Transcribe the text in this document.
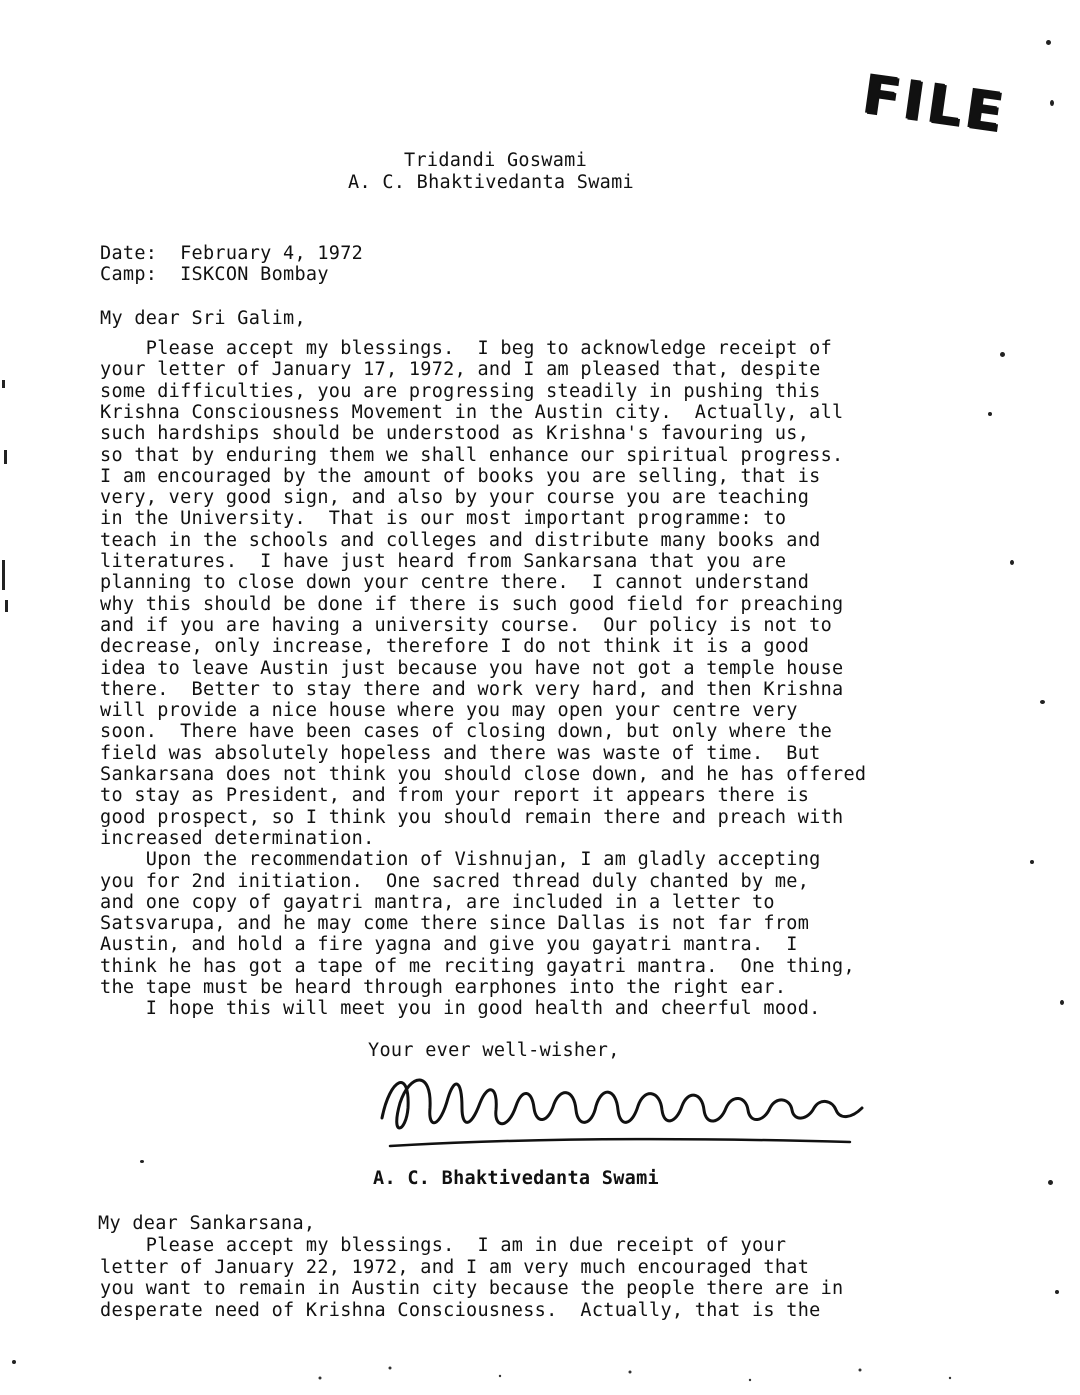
FILE
Tridandi Goswami
A. C. Bhaktivedanta Swami
Date:  February 4, 1972
Camp:  ISKCON Bombay
My dear Sri Galim,
Please accept my blessings.  I beg to acknowledge receipt of
your letter of January 17, 1972, and I am pleased that, despite
some difficulties, you are progressing steadily in pushing this
Krishna Consciousness Movement in the Austin city.  Actually, all
such hardships should be understood as Krishna's favouring us,
so that by enduring them we shall enhance our spiritual progress.
I am encouraged by the amount of books you are selling, that is
very, very good sign, and also by your course you are teaching
in the University.  That is our most important programme: to
teach in the schools and colleges and distribute many books and
literatures.  I have just heard from Sankarsana that you are
planning to close down your centre there.  I cannot understand
why this should be done if there is such good field for preaching
and if you are having a university course.  Our policy is not to
decrease, only increase, therefore I do not think it is a good
idea to leave Austin just because you have not got a temple house
there.  Better to stay there and work very hard, and then Krishna
will provide a nice house where you may open your centre very
soon.  There have been cases of closing down, but only where the
field was absolutely hopeless and there was waste of time.  But
Sankarsana does not think you should close down, and he has offered
to stay as President, and from your report it appears there is
good prospect, so I think you should remain there and preach with
increased determination.
Upon the recommendation of Vishnujan, I am gladly accepting
you for 2nd initiation.  One sacred thread duly chanted by me,
and one copy of gayatri mantra, are included in a letter to
Satsvarupa, and he may come there since Dallas is not far from
Austin, and hold a fire yagna and give you gayatri mantra.  I
think he has got a tape of me reciting gayatri mantra.  One thing,
the tape must be heard through earphones into the right ear.
I hope this will meet you in good health and cheerful mood.
Your ever well-wisher,
A. C. Bhaktivedanta Swami
My dear Sankarsana,
Please accept my blessings.  I am in due receipt of your
letter of January 22, 1972, and I am very much encouraged that
you want to remain in Austin city because the people there are in
desperate need of Krishna Consciousness.  Actually, that is the
